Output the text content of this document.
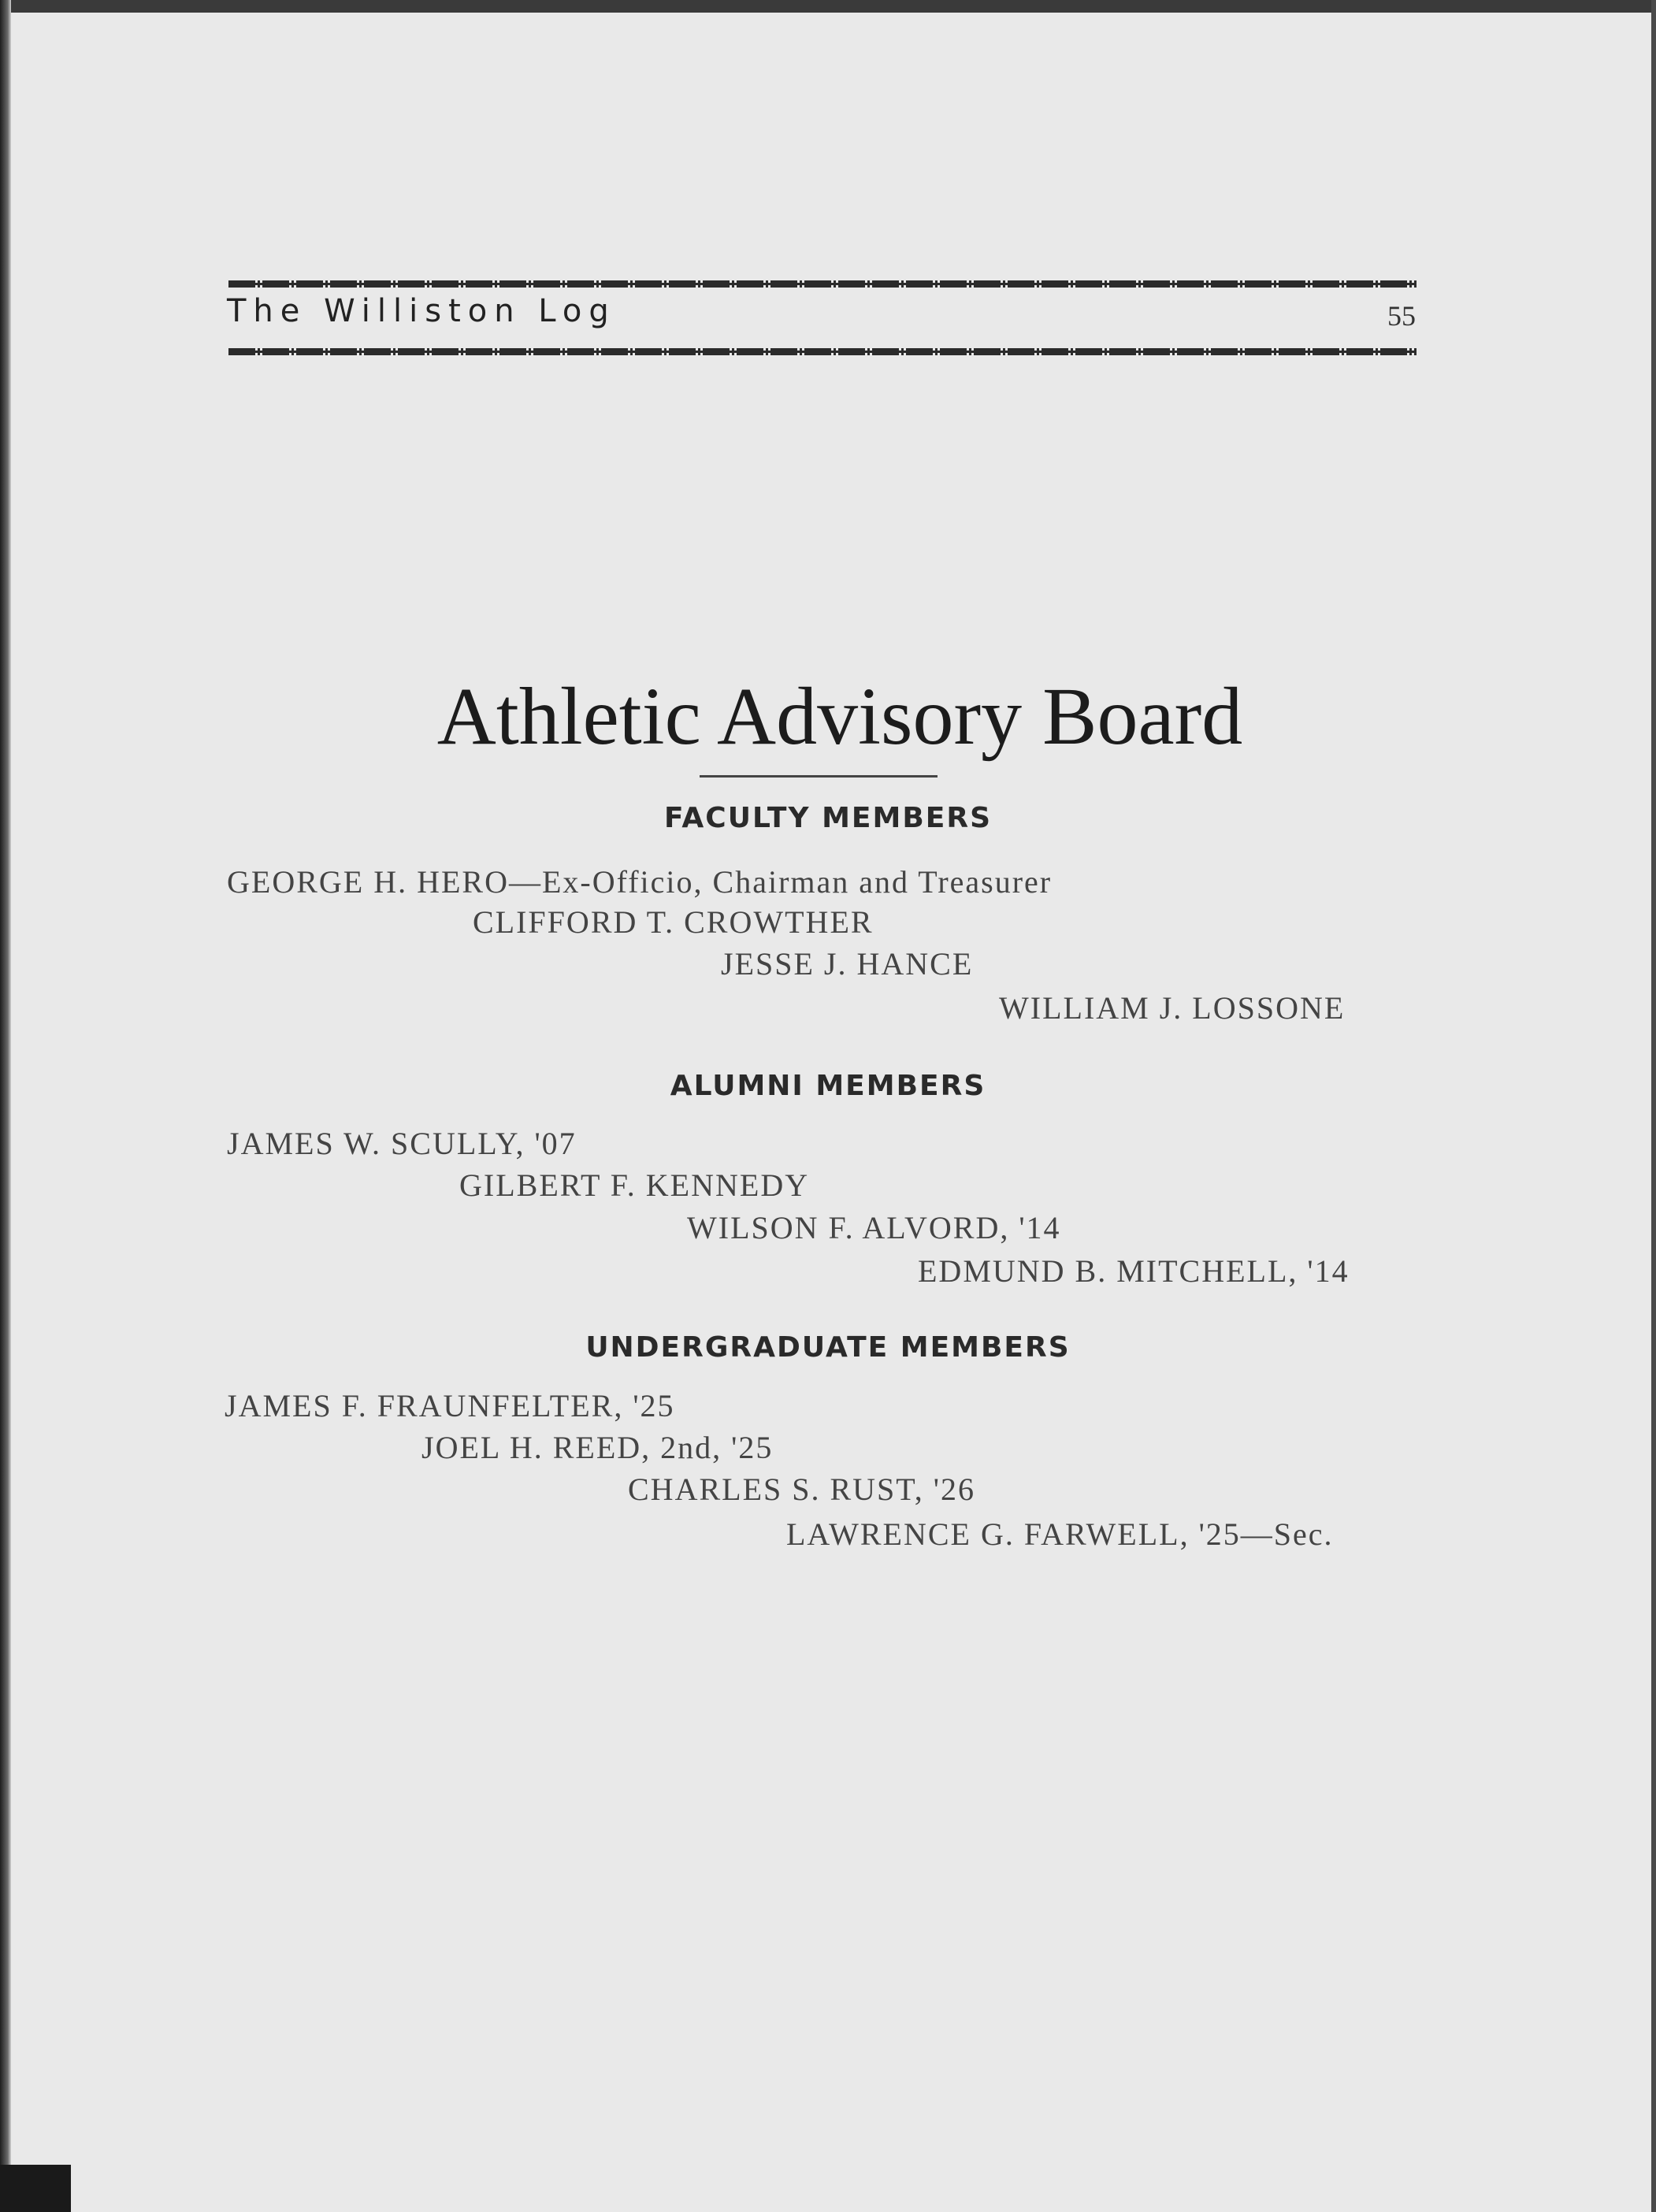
The Williston Log	55
Athletic Advisory Board
FACULTY MEMBERS
GEORGE H. HERO—Ex-Officio, Chairman and Treasurer
CLIFFORD T. CROWTHER
JESSE J. HANCE
WILLIAM J. LOSSONE
ALUMNI MEMBERS
JAMES W. SCULLY, '07
GILBERT F. KENNEDY
WILSON F. ALVORD, '14
EDMUND B. MITCHELL, '14
UNDERGRADUATE MEMBERS
JAMES F. FRAUNFELTER, '25
JOEL H. REED, 2nd, '25
CHARLES S. RUST, '26
LAWRENCE G. FARWELL, '25—Sec.
